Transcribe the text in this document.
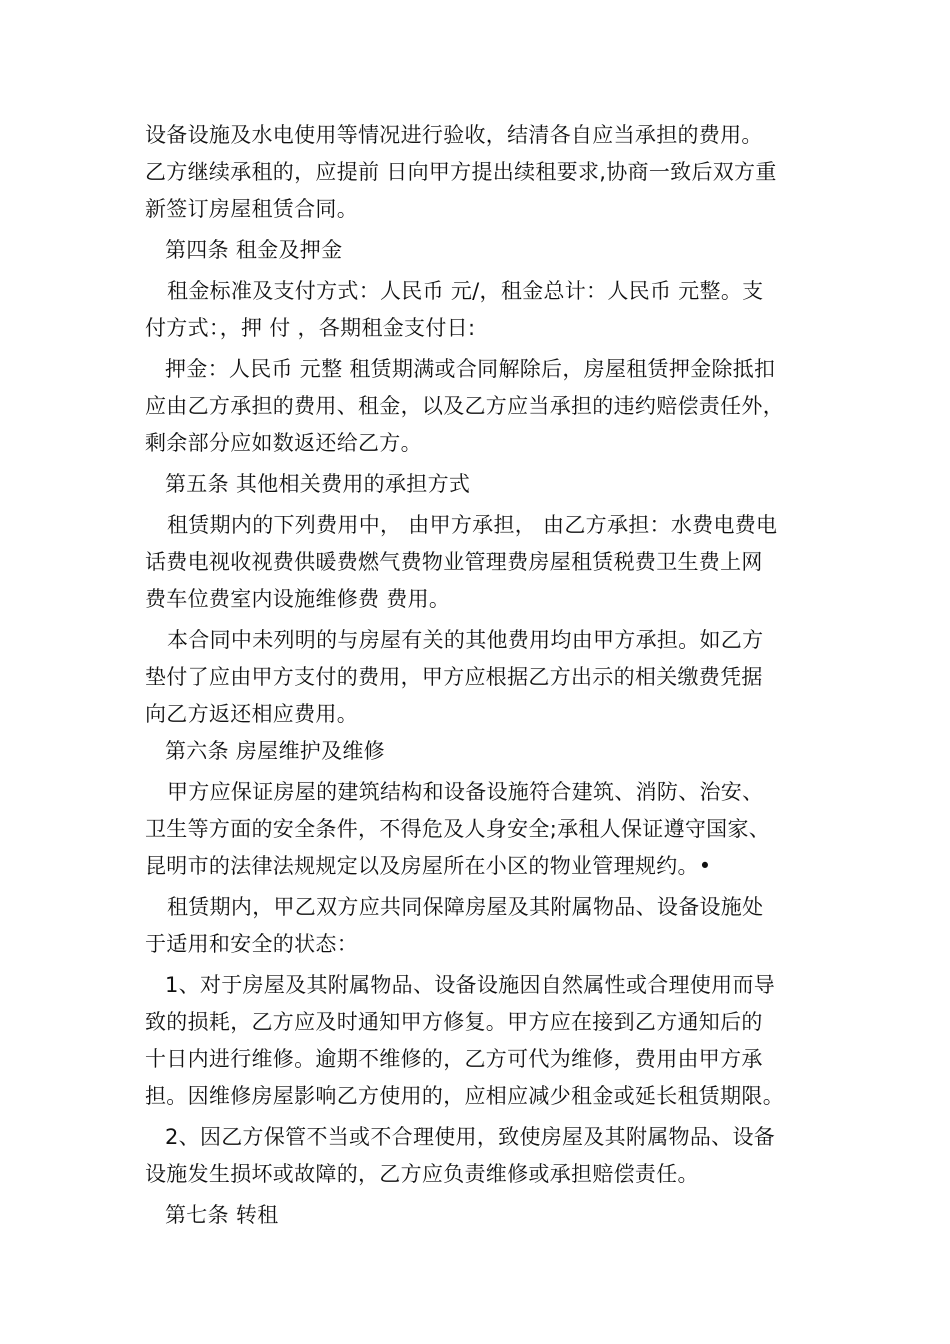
设备设施及水电使用等情况进行验收，结清各自应当承担的费用。
乙方继续承租的，应提前 日向甲方提出续租要求,协商一致后双方重
新签订房屋租赁合同。
第四条 租金及押金
租金标准及支付方式：人民币 元/，租金总计：人民币 元整。支
付方式：，押 付 ，各期租金支付日:
押金：人民币 元整 租赁期满或合同解除后，房屋租赁押金除抵扣
应由乙方承担的费用、租金，以及乙方应当承担的违约赔偿责任外，
剩余部分应如数返还给乙方。
第五条 其他相关费用的承担方式
租赁期内的下列费用中， 由甲方承担， 由乙方承担：水费电费电
话费电视收视费供暖费燃气费物业管理费房屋租赁税费卫生费上网
费车位费室内设施维修费 费用。
本合同中未列明的与房屋有关的其他费用均由甲方承担。如乙方
垫付了应由甲方支付的费用，甲方应根据乙方出示的相关缴费凭据
向乙方返还相应费用。
第六条 房屋维护及维修
甲方应保证房屋的建筑结构和设备设施符合建筑、消防、治安、
卫生等方面的安全条件，不得危及人身安全;承租人保证遵守国家、
昆明市的法律法规规定以及房屋所在小区的物业管理规约。•
租赁期内，甲乙双方应共同保障房屋及其附属物品、设备设施处
于适用和安全的状态：
1、对于房屋及其附属物品、设备设施因自然属性或合理使用而导
致的损耗，乙方应及时通知甲方修复。甲方应在接到乙方通知后的
十日内进行维修。逾期不维修的，乙方可代为维修，费用由甲方承
担。因维修房屋影响乙方使用的，应相应减少租金或延长租赁期限。
2、因乙方保管不当或不合理使用，致使房屋及其附属物品、设备
设施发生损坏或故障的，乙方应负责维修或承担赔偿责任。
第七条 转租
